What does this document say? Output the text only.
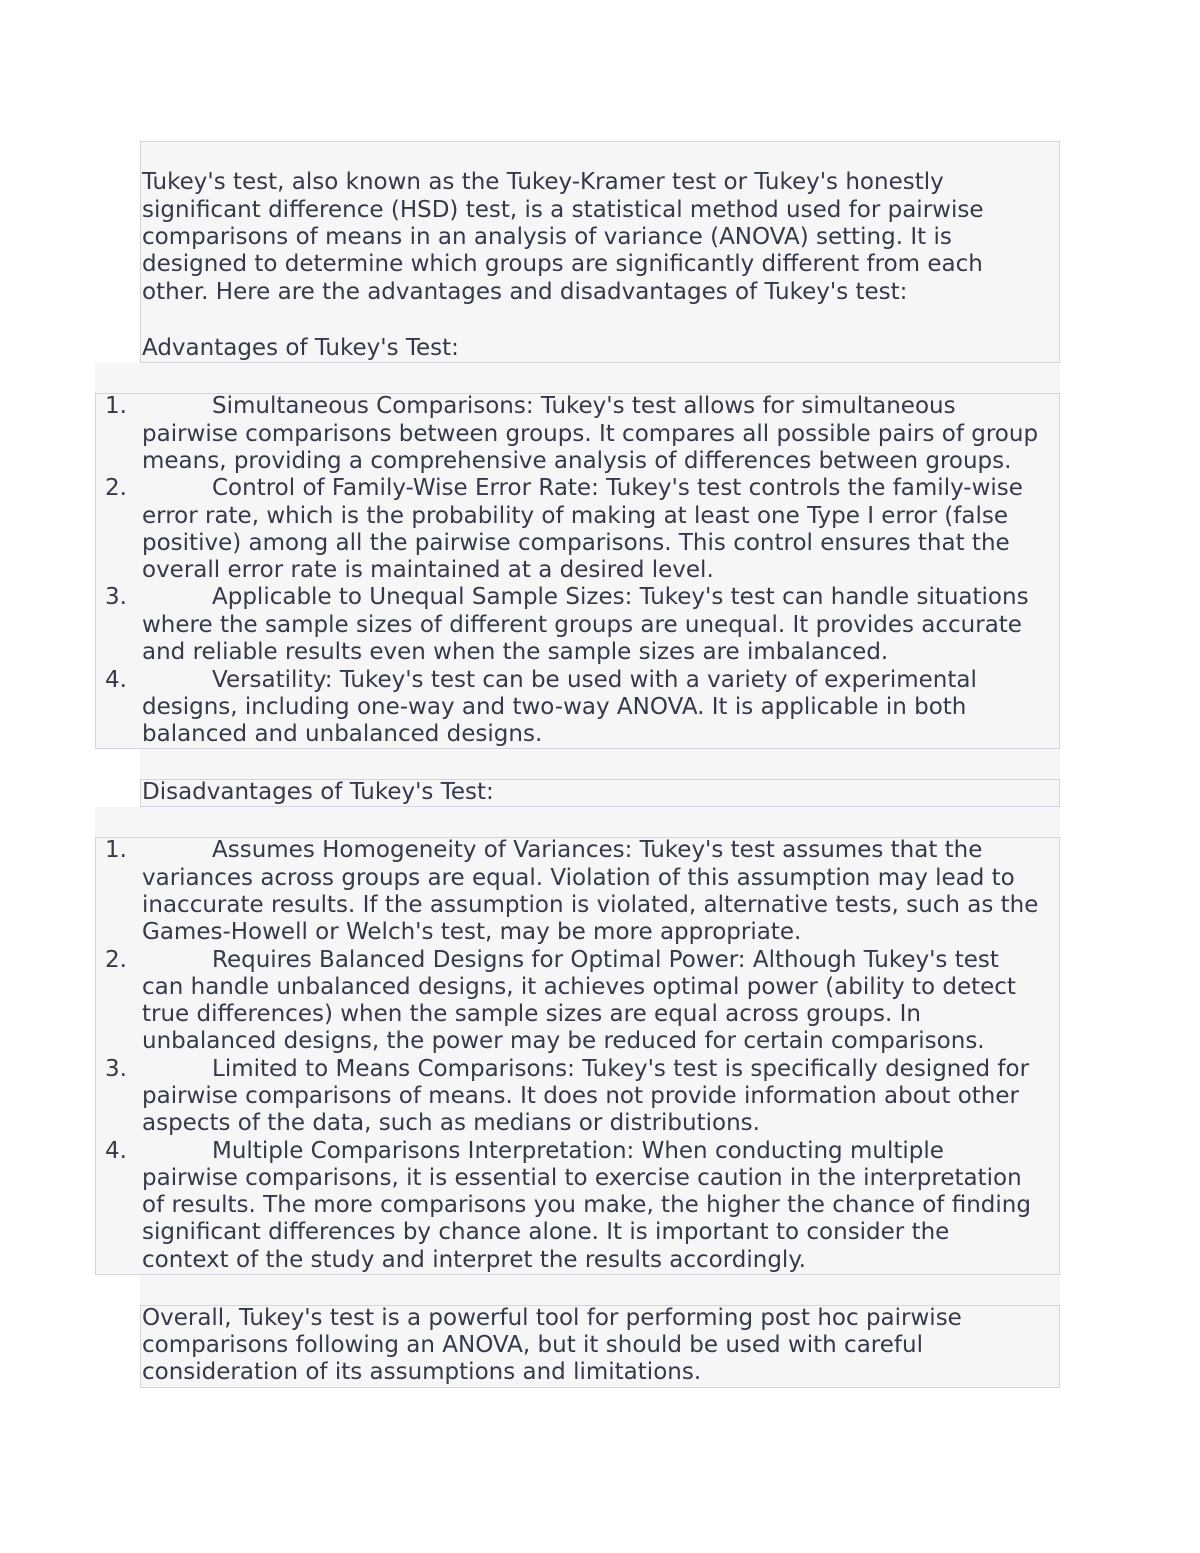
Tukey's test, also known as the Tukey-Kramer test or Tukey's honestly
significant difference (HSD) test, is a statistical method used for pairwise
comparisons of means in an analysis of variance (ANOVA) setting. It is
designed to determine which groups are significantly different from each
other. Here are the advantages and disadvantages of Tukey's test:
Advantages of Tukey's Test:
1.	Simultaneous Comparisons: Tukey's test allows for simultaneous
pairwise comparisons between groups. It compares all possible pairs of group
means, providing a comprehensive analysis of differences between groups.
2.	Control of Family-Wise Error Rate: Tukey's test controls the family-wise
error rate, which is the probability of making at least one Type I error (false
positive) among all the pairwise comparisons. This control ensures that the
overall error rate is maintained at a desired level.
3.	Applicable to Unequal Sample Sizes: Tukey's test can handle situations
where the sample sizes of different groups are unequal. It provides accurate
and reliable results even when the sample sizes are imbalanced.
4.	Versatility: Tukey's test can be used with a variety of experimental
designs, including one-way and two-way ANOVA. It is applicable in both
balanced and unbalanced designs.
Disadvantages of Tukey's Test:
1.	Assumes Homogeneity of Variances: Tukey's test assumes that the
variances across groups are equal. Violation of this assumption may lead to
inaccurate results. If the assumption is violated, alternative tests, such as the
Games-Howell or Welch's test, may be more appropriate.
2.	Requires Balanced Designs for Optimal Power: Although Tukey's test
can handle unbalanced designs, it achieves optimal power (ability to detect
true differences) when the sample sizes are equal across groups. In
unbalanced designs, the power may be reduced for certain comparisons.
3.	Limited to Means Comparisons: Tukey's test is specifically designed for
pairwise comparisons of means. It does not provide information about other
aspects of the data, such as medians or distributions.
4.	Multiple Comparisons Interpretation: When conducting multiple
pairwise comparisons, it is essential to exercise caution in the interpretation
of results. The more comparisons you make, the higher the chance of finding
significant differences by chance alone. It is important to consider the
context of the study and interpret the results accordingly.
Overall, Tukey's test is a powerful tool for performing post hoc pairwise
comparisons following an ANOVA, but it should be used with careful
consideration of its assumptions and limitations.
